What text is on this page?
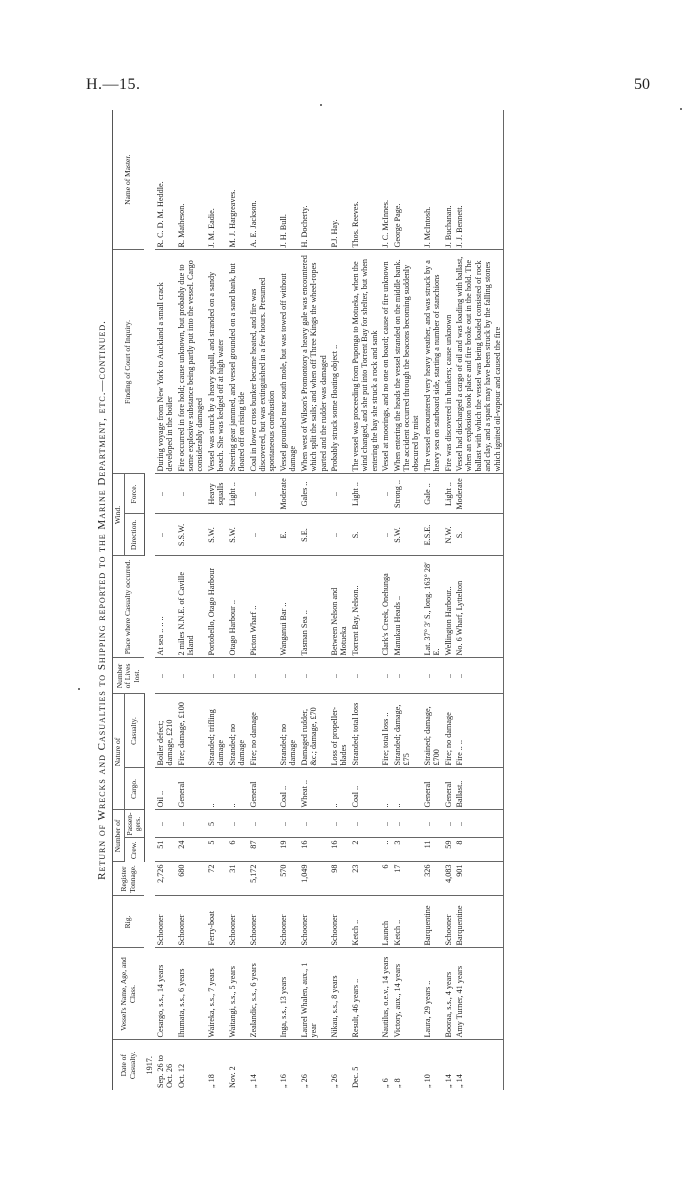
H.—15.	50
Return of Wrecks and Casualties to Shipping reported to the Marine Department, etc.—continued.
Date of Casualty.	Vessel's Name, Age, and Class.	Rig.	Register Tonnage.	Number of		Nature of		Number of Lives lost.	Place where Casualty occurred.	Wind.		Finding of Court of Inquiry.	Name of Master.
				Crew.	Passen-gers.	Cargo.	Casualty.			Direction.	Force.		
1917.													
Sep. 26 to Oct. 26	Cesargo, s.s., 14 years	Schooner	2,726	51	..	Oil ..	Boiler defect; damage, £210	..	At sea .. .. ..	..	..	During voyage from New York to Auckland a small crack developed in the boiler	R. C. D. M. Heddle.
Oct. 12	Ihumata, s.s., 6 years	Schooner	680	24	..	General	Fire; damage, £100	..	2 miles N.N.E. of Caville Island	S.S.W.	..	Fire occurred in fore hold; cause unknown, but probably due to some explosive substance being partly put into the vessel. Cargo considerably damaged	R. Matheson.
„ 18	Waireka, s.s., 7 years	Ferry-boat	72	5	5	..	Stranded; trifling damage	..	Portobello, Otago Harbour	S.W.	Heavy squalls	Vessel was struck by a heavy squall, and stranded on a sandy beach. She was kedged off at high water	J. M. Eadie.
Nov. 2	Waitangi, s.s., 5 years	Schooner	31	6	..	..	Stranded; no damage	..	Otago Harbour ..	S.W.	Light ..	Steering gear jammed, and vessel grounded on a sand bank, but floated off on rising tide	M. J. Hargreaves.
„ 14	Zealandic, s.s., 6 years	Schooner	5,172	87	..	General	Fire; no damage	..	Picton Wharf ..	..	..	Coal in lower cross bunker became heated, and fire was discovered, but was extinguished in a few hours. Presumed spontaneous combustion	A. E. Jackson.
„ 16	Inga, s.s., 13 years	Schooner	570	19	..	Coal ..	Stranded; no damage	..	Wanganui Bar ..	E.	Moderate	Vessel grounded near south mole, but was towed off without damage	J. H. Bull.
„ 26	Laurel Whalen, aux., 1 year	Schooner	1,049	16	..	Wheat ..	Damaged rudder, &c.; damage, £70	..	Tasman Sea ..	S.E.	Gales ..	When west of Wilson's Promontory a heavy gale was encountered which split the sails; and when off Three Kings the wheel-ropes parted and the rudder was damaged	H. Docherty.
„ 26	Nikau, s.s., 8 years	Schooner	98	16	..	..	Loss of propeller-blades	..	Between Nelson and Motueka	..	..	Probably struck some floating object ..	P.J. Hay.
Dec. 5	Result, 46 years ..	Ketch ..	23	2	..	Coal ..	Stranded; total loss	..	Torrent Bay, Nelson..	S.	Light ..	The vessel was proceeding from Puponga to Motueka, when the wind changed, and she put into Torrent Bay for shelter, but when entering the bay she struck a rock and sank	Thos. Reeves.
„ 6	Nautilus, o.e.v., 14 years	Launch	6	..	..	..	Fire; total loss ..	..	Clark's Creek, Onehunga	..	..	Vessel at moorings, and no one on board; cause of fire unknown	J. C. McInnes.
„ 8	Victory, aux., 14 years	Ketch ..	17	3	..	..	Stranded; damage, £75	..	Manukau Heads ..	S.W.	Strong ..	When entering the heads the vessel stranded on the middle bank. The accident occurred through the beacons becoming suddenly obscured by mist	George Page.
„ 10	Laura, 29 years ..	Barquentine	326	11	..	General	Strained; damage, £700	..	Lat. 37° 3′ S., long. 163° 28′ E.	E.S.E.	Gale ..	The vessel encountered very heavy weather, and was struck by a heavy sea on starboard side, starting a number of stanchions	J. McIntosh.
„ 14	Booraa, s.s., 4 years	Schooner	4,083	59	..	General	Fire; no damage	..	Wellington Harbour..	N.W.	Light ..	Fire was discovered in bunkers; cause unknown	J. Buchanan.
„ 14	Amy Turner, 41 years	Barquentine	901	8	..	Ballast..	Fire .. ..	..	No. 6 Wharf, Lyttelton	S.	Moderate	Vessel had discharged a cargo of oil and was loading with ballast, when an explosion took place and fire broke out in the hold. The ballast with which the vessel was being loaded consisted of rock and clay, and a spark may have been struck by the falling stones which ignited oil-vapour and caused the fire	J. J. Bennett.
